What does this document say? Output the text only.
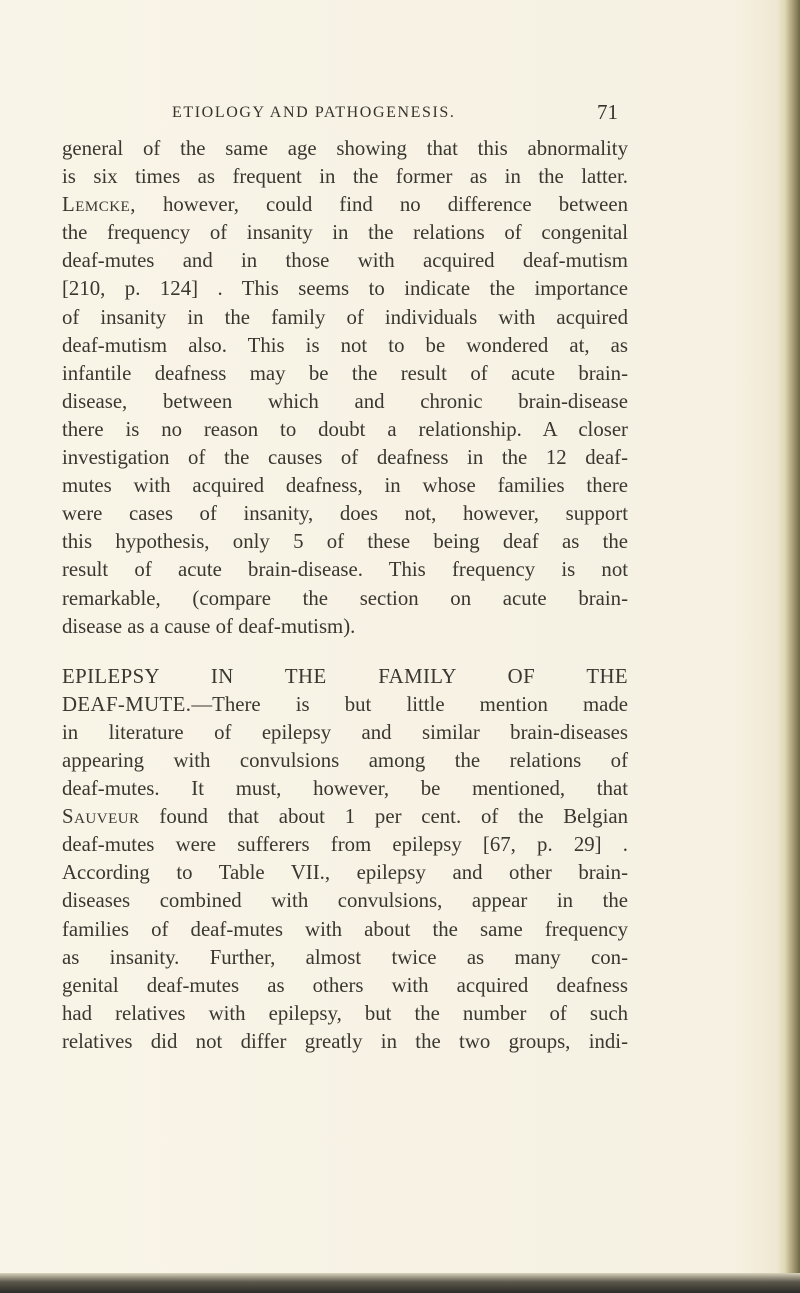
ETIOLOGY AND PATHOGENESIS.	71

general of the same age showing that this abnormality
is six times as frequent in the former as in the latter.
Lemcke, however, could find no difference between
the frequency of insanity in the relations of congenital
deaf-mutes and in those with acquired deaf-mutism
[210, p. 124] . This seems to indicate the importance
of insanity in the family of individuals with acquired
deaf-mutism also. This is not to be wondered at, as
infantile deafness may be the result of acute brain-
disease, between which and chronic brain-disease
there is no reason to doubt a relationship. A closer
investigation of the causes of deafness in the 12 deaf-
mutes with acquired deafness, in whose families there
were cases of insanity, does not, however, support
this hypothesis, only 5 of these being deaf as the
result of acute brain-disease. This frequency is not
remarkable, (compare the section on acute brain-
disease as a cause of deaf-mutism).

EPILEPSY IN THE FAMILY OF THE
DEAF-MUTE.—There is but little mention made
in literature of epilepsy and similar brain-diseases
appearing with convulsions among the relations of
deaf-mutes. It must, however, be mentioned, that
Sauveur found that about 1 per cent. of the Belgian
deaf-mutes were sufferers from epilepsy [67, p. 29] .
According to Table VII., epilepsy and other brain-
diseases combined with convulsions, appear in the
families of deaf-mutes with about the same frequency
as insanity. Further, almost twice as many con-
genital deaf-mutes as others with acquired deafness
had relatives with epilepsy, but the number of such
relatives did not differ greatly in the two groups, indi-
